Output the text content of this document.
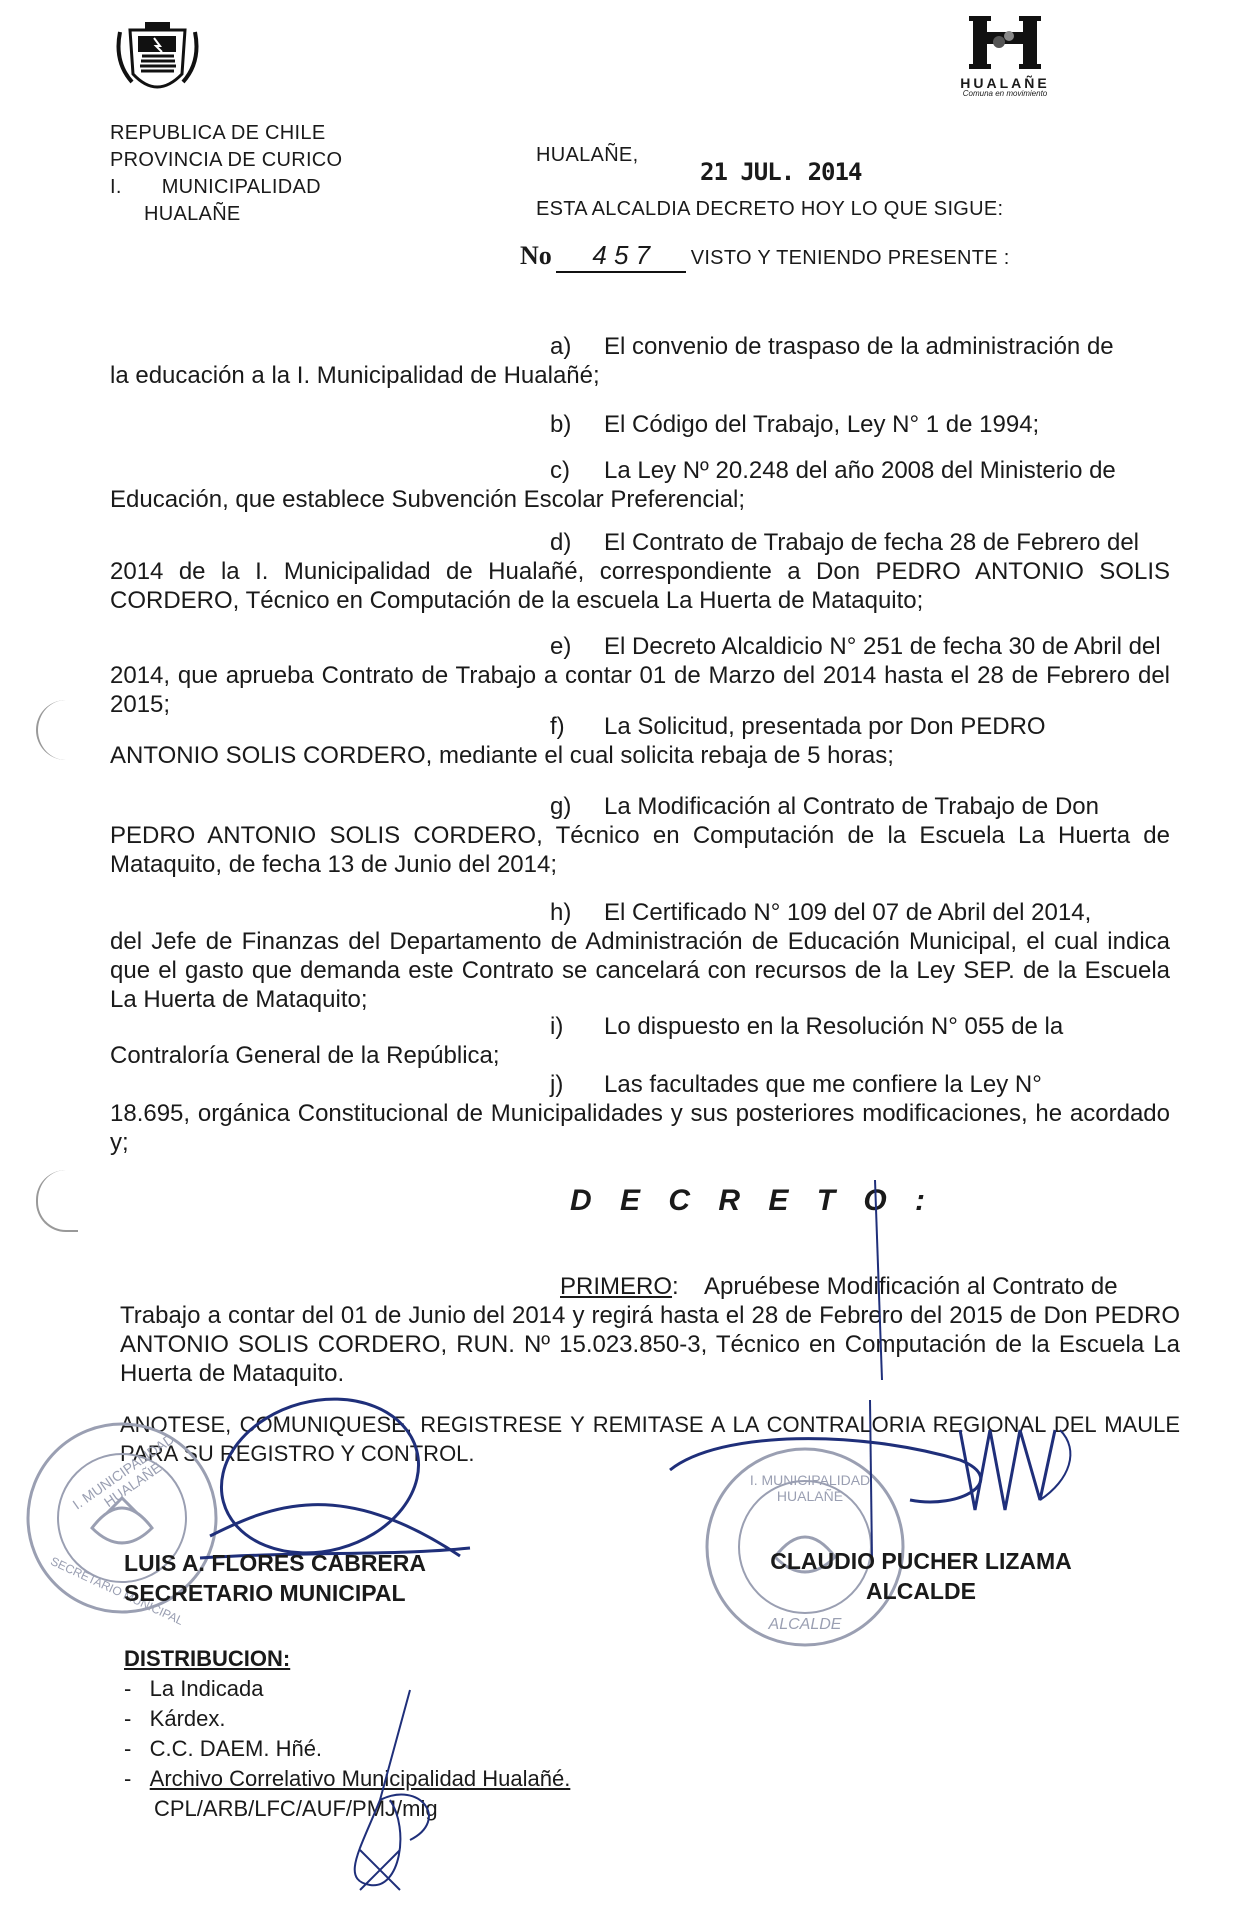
REPUBLICA DE CHILE
PROVINCIA DE CURICO
I. MUNICIPALIDAD
HUALAÑE
HUALAÑE
Comuna en movimiento
HUALAÑE,
21 JUL. 2014
ESTA ALCALDIA DECRETO HOY LO QUE SIGUE:
No 4 5 7 VISTO Y TENIENDO PRESENTE :
a) El convenio de traspaso de la administración de
la educación a la I. Municipalidad de Hualañé;
b) El Código del Trabajo, Ley N° 1 de 1994;
c) La Ley Nº 20.248 del año 2008 del Ministerio de
Educación, que establece Subvención Escolar Preferencial;
d) El Contrato de Trabajo de fecha 28 de Febrero del
2014 de la I. Municipalidad de Hualañé, correspondiente a Don PEDRO ANTONIO SOLIS CORDERO, Técnico en Computación de la escuela La Huerta de Mataquito;
e) El Decreto Alcaldicio N° 251 de fecha 30 de Abril del
2014, que aprueba Contrato de Trabajo a contar 01 de Marzo del 2014 hasta el 28 de Febrero del 2015;
f) La Solicitud, presentada por Don PEDRO
ANTONIO SOLIS CORDERO, mediante el cual solicita rebaja de 5 horas;
g) La Modificación al Contrato de Trabajo de Don
PEDRO ANTONIO SOLIS CORDERO, Técnico en Computación de la Escuela La Huerta de Mataquito, de fecha 13 de Junio del 2014;
h) El Certificado N° 109 del 07 de Abril del 2014,
del Jefe de Finanzas del Departamento de Administración de Educación Municipal, el cual indica que el gasto que demanda este Contrato se cancelará con recursos de la Ley SEP. de la Escuela La Huerta de Mataquito;
i) Lo dispuesto en la Resolución N° 055 de la
Contraloría General de la República;
j) Las facultades que me confiere la Ley N°
18.695, orgánica Constitucional de Municipalidades y sus posteriores modificaciones, he acordado y;
D E C R E T O :
PRIMERO: Apruébese Modificación al Contrato de
Trabajo a contar del 01 de Junio del 2014 y regirá hasta el 28 de Febrero del 2015 de Don PEDRO ANTONIO SOLIS CORDERO, RUN. Nº 15.023.850-3, Técnico en Computación de la Escuela La Huerta de Mataquito.
ANOTESE, COMUNIQUESE, REGISTRESE Y REMITASE A LA CONTRALORIA REGIONAL DEL MAULE PARA SU REGISTRO Y CONTROL.
I. MUNICIPALIDAD HUALAÑE
SECRETARIO MUNICIPAL
LUIS A. FLORES CABRERA
SECRETARIO MUNICIPAL
I. MUNICIPALIDAD HUALAÑE
ALCALDE
CLAUDIO PUCHER LIZAMA
ALCALDE
DISTRIBUCION:
-   La Indicada
-   Kárdex.
-   C.C. DAEM. Hñé.
-   Archivo Correlativo Municipalidad Hualañé.
CPL/ARB/LFC/AUF/PMJ/mig
